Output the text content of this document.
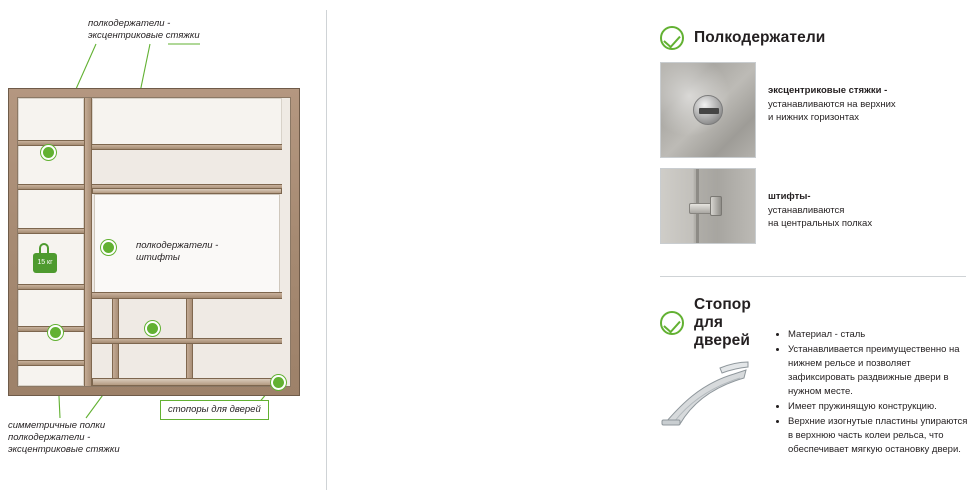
15 кг
полкодержатели -
эксцентриковые стяжки
полкодержатели -
штифты
стопоры для дверей
симметричные полки
полкодержатели -
эксцентриковые стяжки
Полкодержатели
эксцентриковые стяжки -
устанавливаются на верхних
и нижних горизонтах
штифты-
устанавливаются
на центральных полках
Стопор для дверей	• Материал - сталь
• Устанавливается преимущественно на нижнем рельсе и позволяет зафиксировать раздвижные двери в нужном месте.
• Имеет пружинящую конструкцию.
• Верхние изогнутые пластины упираются в верхнюю часть колеи рельса, что обеспечивает мягкую остановку двери.
